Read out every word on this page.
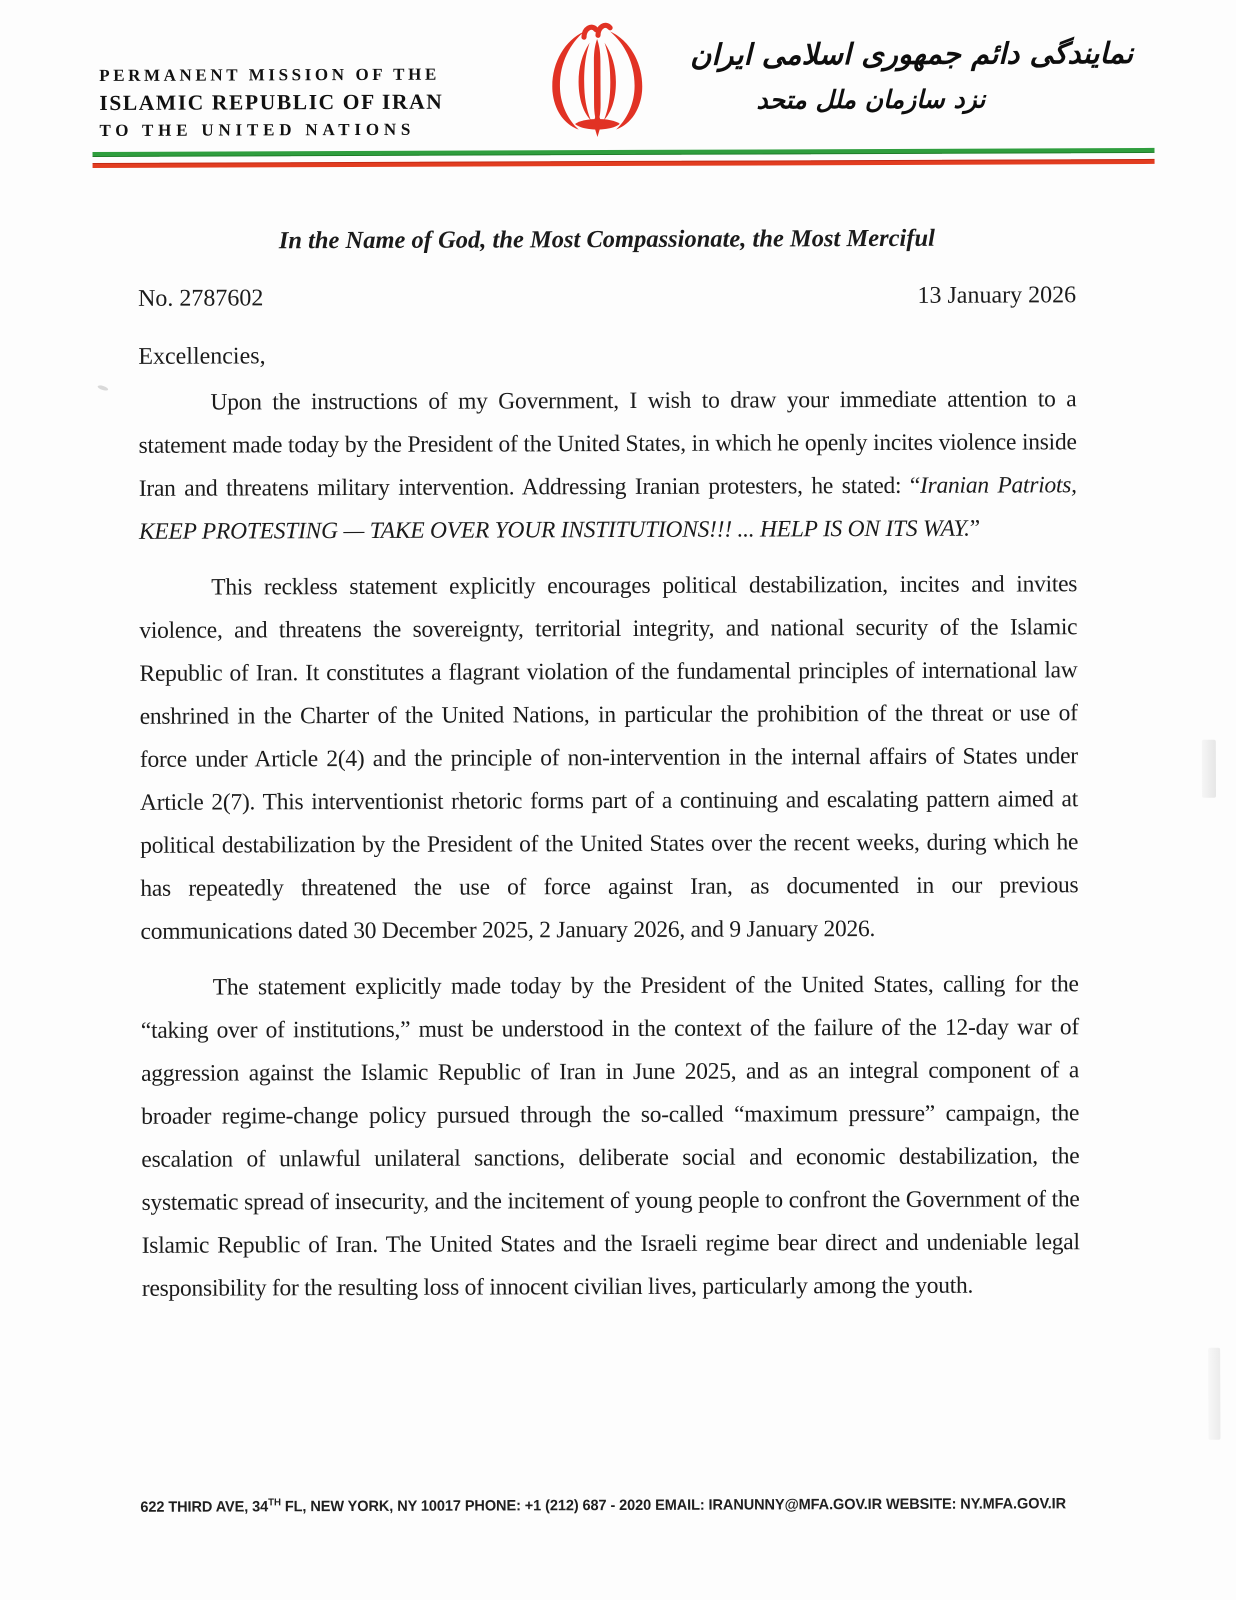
PERMANENT MISSION OF THE
ISLAMIC REPUBLIC OF IRAN
TO THE UNITED NATIONS
نمایندگی دائم جمهوری اسلامی ایران
نزد سازمان ملل متحد
In the Name of God, the Most Compassionate, the Most Merciful
No. 2787602	13 January 2026
Excellencies,

Upon the instructions of my Government, I wish to draw your immediate attention to a statement made today by the President of the United States, in which he openly incites violence inside Iran and threatens military intervention. Addressing Iranian protesters, he stated: “Iranian Patriots, KEEP PROTESTING — TAKE OVER YOUR INSTITUTIONS!!! ... HELP IS ON ITS WAY.”

This reckless statement explicitly encourages political destabilization, incites and invites violence, and threatens the sovereignty, territorial integrity, and national security of the Islamic Republic of Iran. It constitutes a flagrant violation of the fundamental principles of international law enshrined in the Charter of the United Nations, in particular the prohibition of the threat or use of force under Article 2(4) and the principle of non-intervention in the internal affairs of States under Article 2(7). This interventionist rhetoric forms part of a continuing and escalating pattern aimed at political destabilization by the President of the United States over the recent weeks, during which he has repeatedly threatened the use of force against Iran, as documented in our previous communications dated 30 December 2025, 2 January 2026, and 9 January 2026.

The statement explicitly made today by the President of the United States, calling for the “taking over of institutions,” must be understood in the context of the failure of the 12-day war of aggression against the Islamic Republic of Iran in June 2025, and as an integral component of a broader regime-change policy pursued through the so-called “maximum pressure” campaign, the escalation of unlawful unilateral sanctions, deliberate social and economic destabilization, the systematic spread of insecurity, and the incitement of young people to confront the Government of the Islamic Republic of Iran. The United States and the Israeli regime bear direct and undeniable legal responsibility for the resulting loss of innocent civilian lives, particularly among the youth.

622 THIRD AVE, 34TH FL, NEW YORK, NY 10017 PHONE: +1 (212) 687 - 2020 EMAIL: IRANUNNY@MFA.GOV.IR WEBSITE: NY.MFA.GOV.IR
